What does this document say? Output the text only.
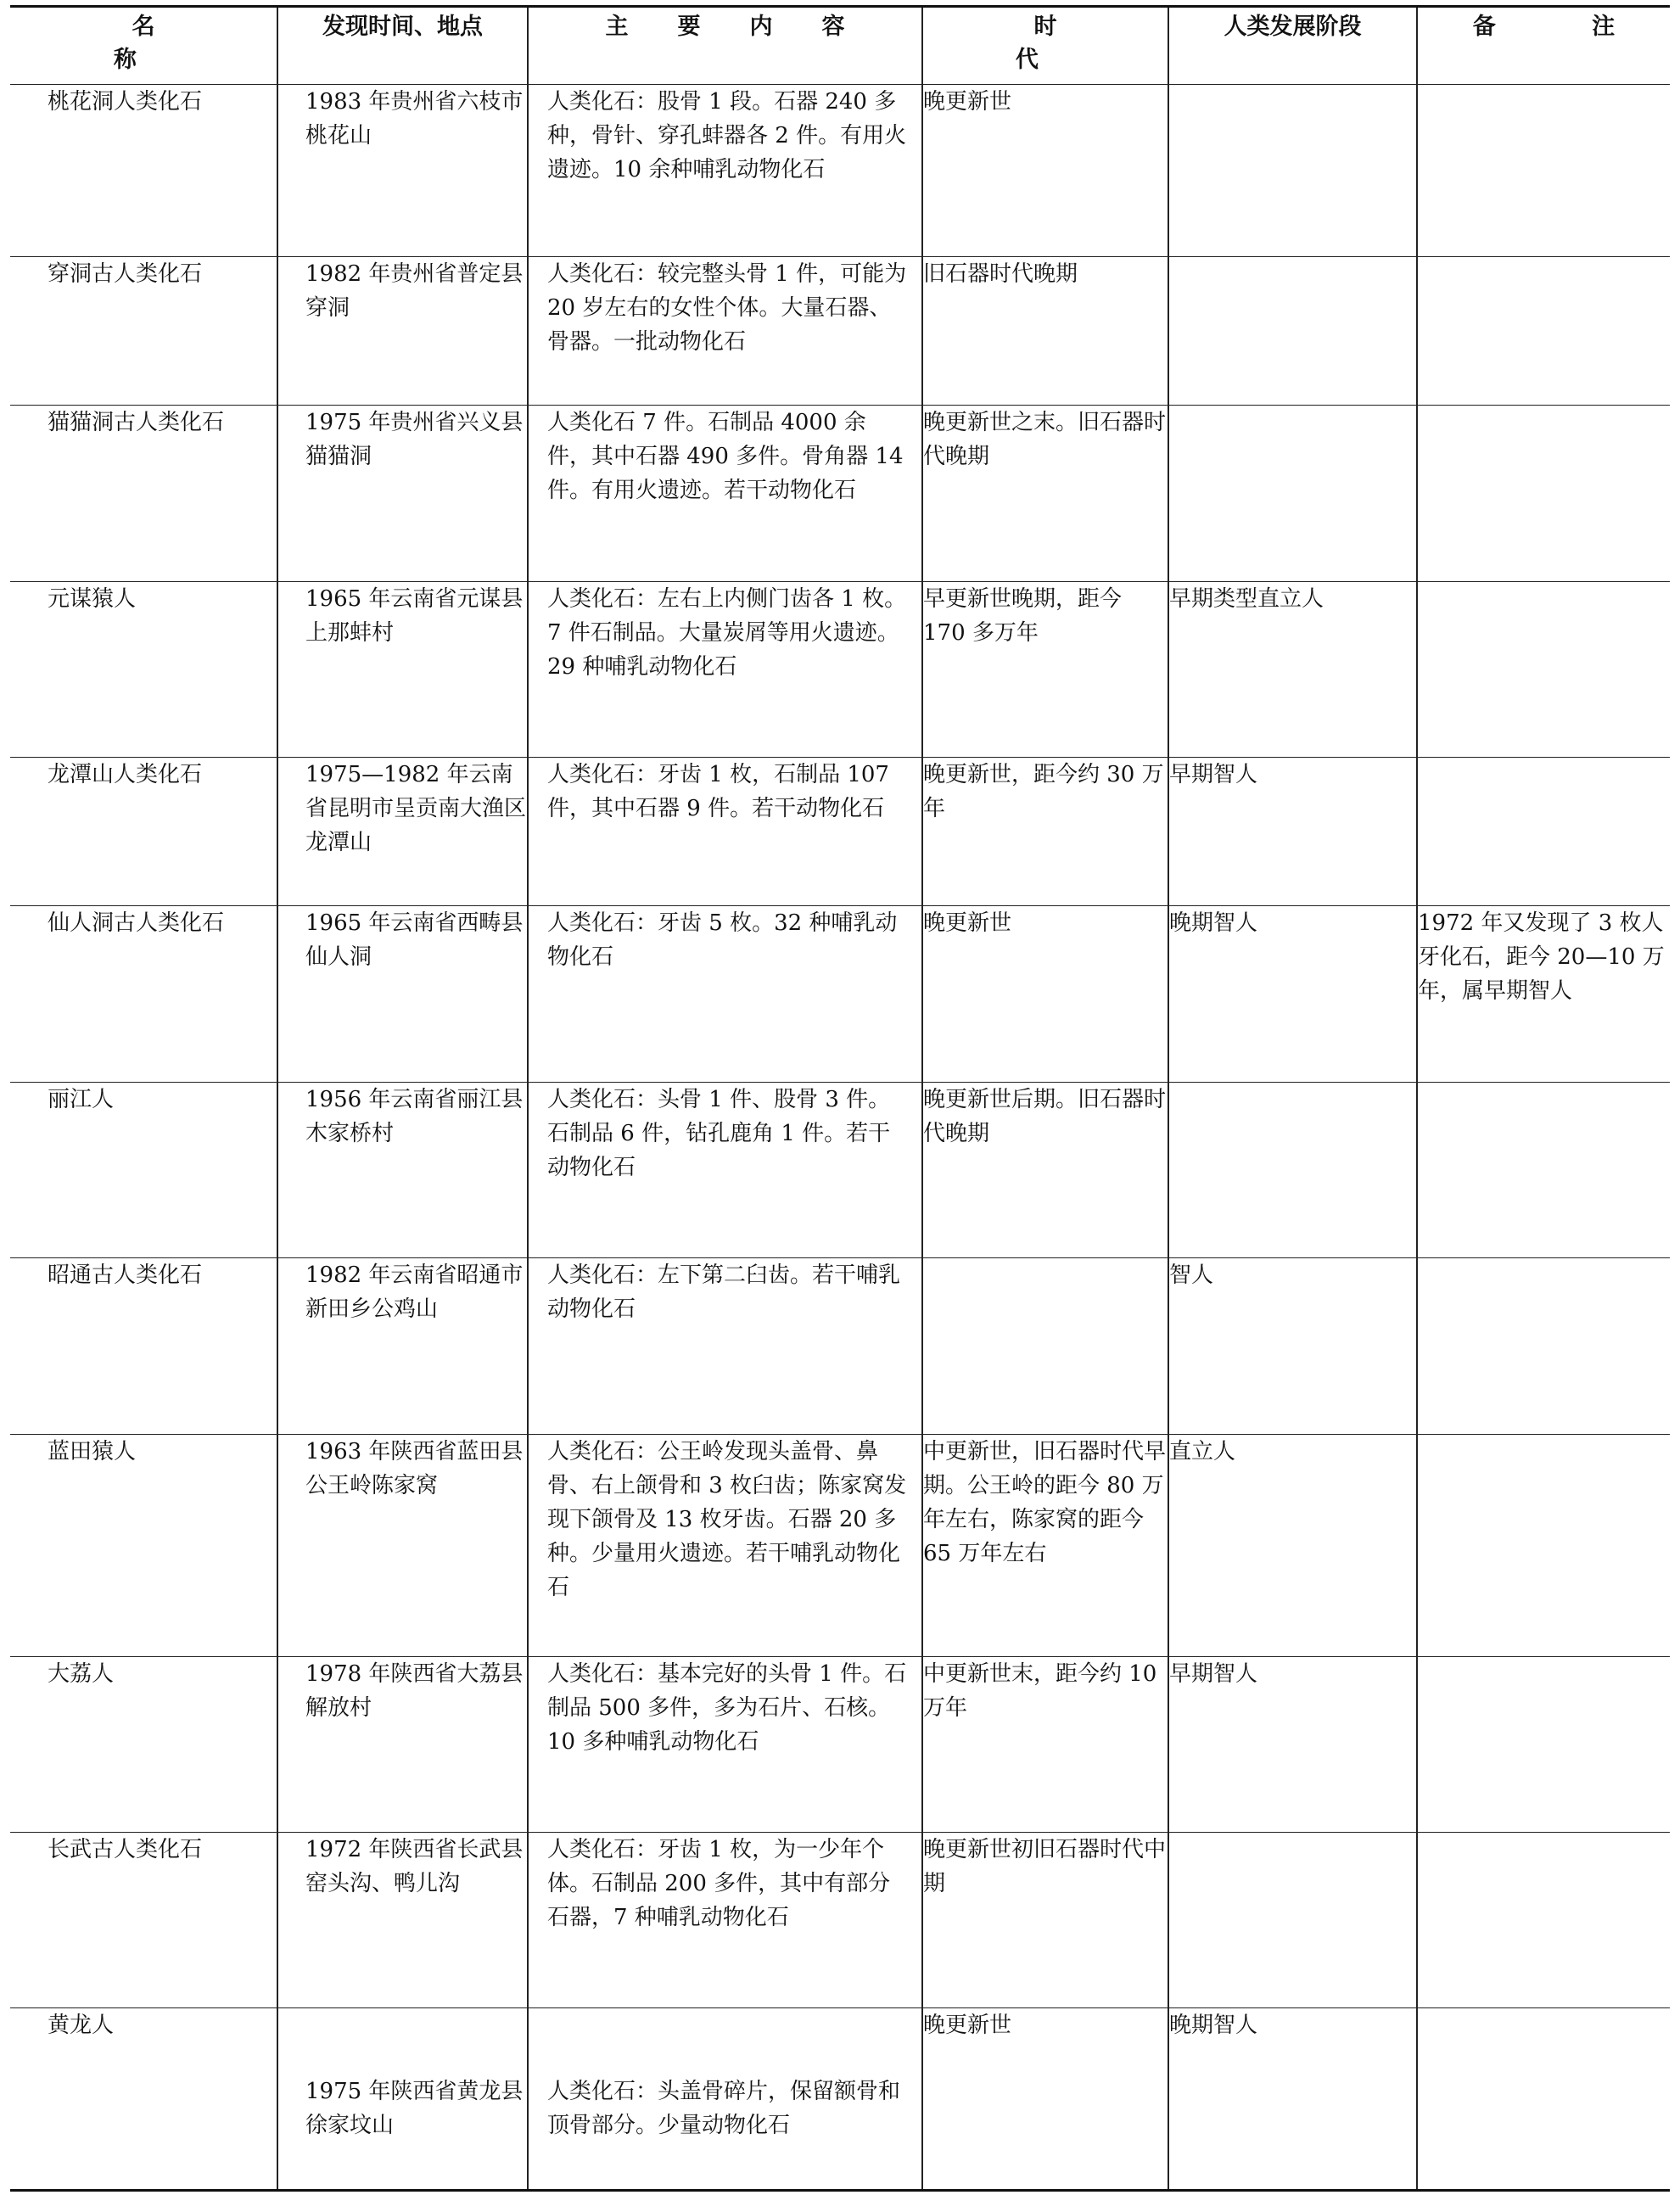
名　　称	发现时间、地点	主 要 内 容	时　　代	人类发展阶段	备　注
桃花洞人类化石	1983 年贵州省六枝市桃花山	人类化石：股骨 1 段。石器 240 多种，骨针、穿孔蚌器各 2 件。有用火遗迹。10 余种哺乳动物化石	晚更新世		
穿洞古人类化石	1982 年贵州省普定县穿洞	人类化石：较完整头骨 1 件，可能为 20 岁左右的女性个体。大量石器、骨器。一批动物化石	旧石器时代晚期		
猫猫洞古人类化石	1975 年贵州省兴义县猫猫洞	人类化石 7 件。石制品 4000 余件，其中石器 490 多件。骨角器 14 件。有用火遗迹。若干动物化石	晚更新世之末。旧石器时代晚期		
元谋猿人	1965 年云南省元谋县上那蚌村	人类化石：左右上内侧门齿各 1 枚。7 件石制品。大量炭屑等用火遗迹。29 种哺乳动物化石	早更新世晚期，距今 170 多万年	早期类型直立人	
龙潭山人类化石	1975—1982 年云南省昆明市呈贡南大渔区龙潭山	人类化石：牙齿 1 枚，石制品 107 件，其中石器 9 件。若干动物化石	晚更新世，距今约 30 万年	早期智人	
仙人洞古人类化石	1965 年云南省西畴县仙人洞	人类化石：牙齿 5 枚。32 种哺乳动物化石	晚更新世	晚期智人	1972 年又发现了 3 枚人牙化石，距今 20—10 万年，属早期智人
丽江人	1956 年云南省丽江县木家桥村	人类化石：头骨 1 件、股骨 3 件。石制品 6 件，钻孔鹿角 1 件。若干动物化石	晚更新世后期。旧石器时代晚期		
昭通古人类化石	1982 年云南省昭通市新田乡公鸡山	人类化石：左下第二臼齿。若干哺乳动物化石		智人	
蓝田猿人	1963 年陕西省蓝田县公王岭陈家窝	人类化石：公王岭发现头盖骨、鼻骨、右上颌骨和 3 枚臼齿；陈家窝发现下颌骨及 13 枚牙齿。石器 20 多种。少量用火遗迹。若干哺乳动物化石	中更新世，旧石器时代早期。公王岭的距今 80 万年左右，陈家窝的距今 65 万年左右	直立人	
大荔人	1978 年陕西省大荔县解放村	人类化石：基本完好的头骨 1 件。石制品 500 多件，多为石片、石核。10 多种哺乳动物化石	中更新世末，距今约 10 万年	早期智人	
长武古人类化石	1972 年陕西省长武县窑头沟、鸭儿沟	人类化石：牙齿 1 枚，为一少年个体。石制品 200 多件，其中有部分石器，7 种哺乳动物化石	晚更新世初旧石器时代中期		
黄龙人	1975 年陕西省黄龙县徐家坟山	人类化石：头盖骨碎片，保留额骨和顶骨部分。少量动物化石	晚更新世	晚期智人	
